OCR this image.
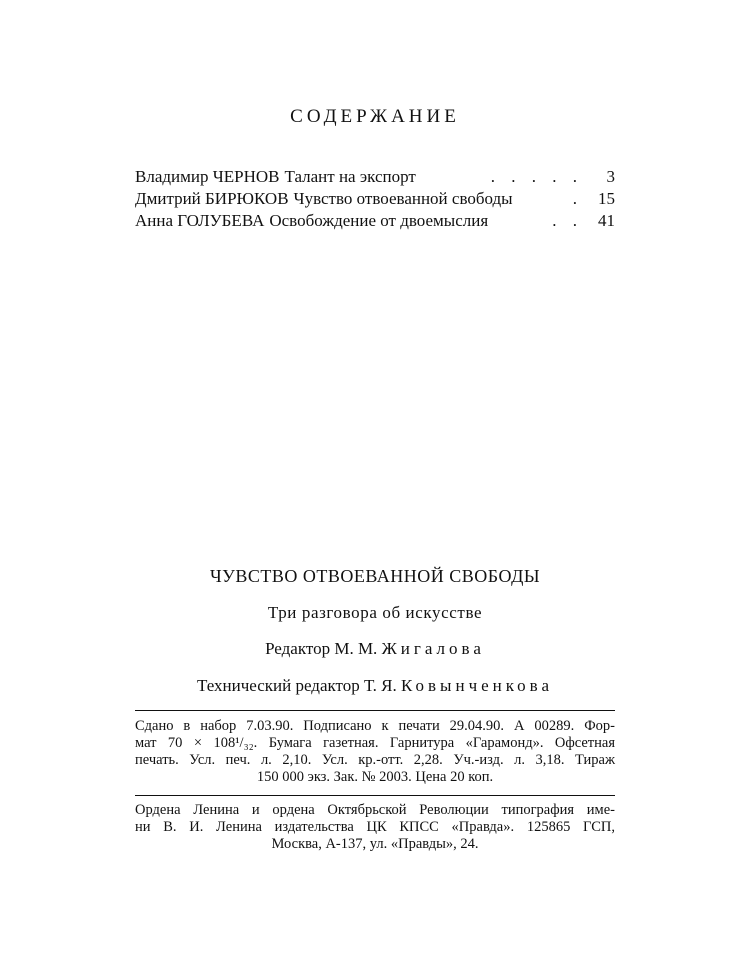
СОДЕРЖАНИЕ
Владимир ЧЕРНОВ Талант на экспорт	. . . . .	3
Дмитрий БИРЮКОВ Чувство отвоеванной свободы	. 15
Анна ГОЛУБЕВА Освобождение от двоемыслия	. . 41
ЧУВСТВО ОТВОЕВАННОЙ СВОБОДЫ
Три разговора об искусстве
Редактор М. М. Жигалова
Технический редактор Т. Я. Ковынченкова
Сдано в набор 7.03.90. Подписано к печати 29.04.90. А 00289. Фор-
мат 70 × 108¹/₃₂. Бумага газетная. Гарнитура «Гарамонд». Офсетная
печать. Усл. печ. л. 2,10. Усл. кр.-отт. 2,28. Уч.-изд. л. 3,18. Тираж
150 000 экз. Зак. № 2003. Цена 20 коп.
Ордена Ленина и ордена Октябрьской Революции типография име-
ни В. И. Ленина издательства ЦК КПСС «Правда». 125865 ГСП,
Москва, А-137, ул. «Правды», 24.
